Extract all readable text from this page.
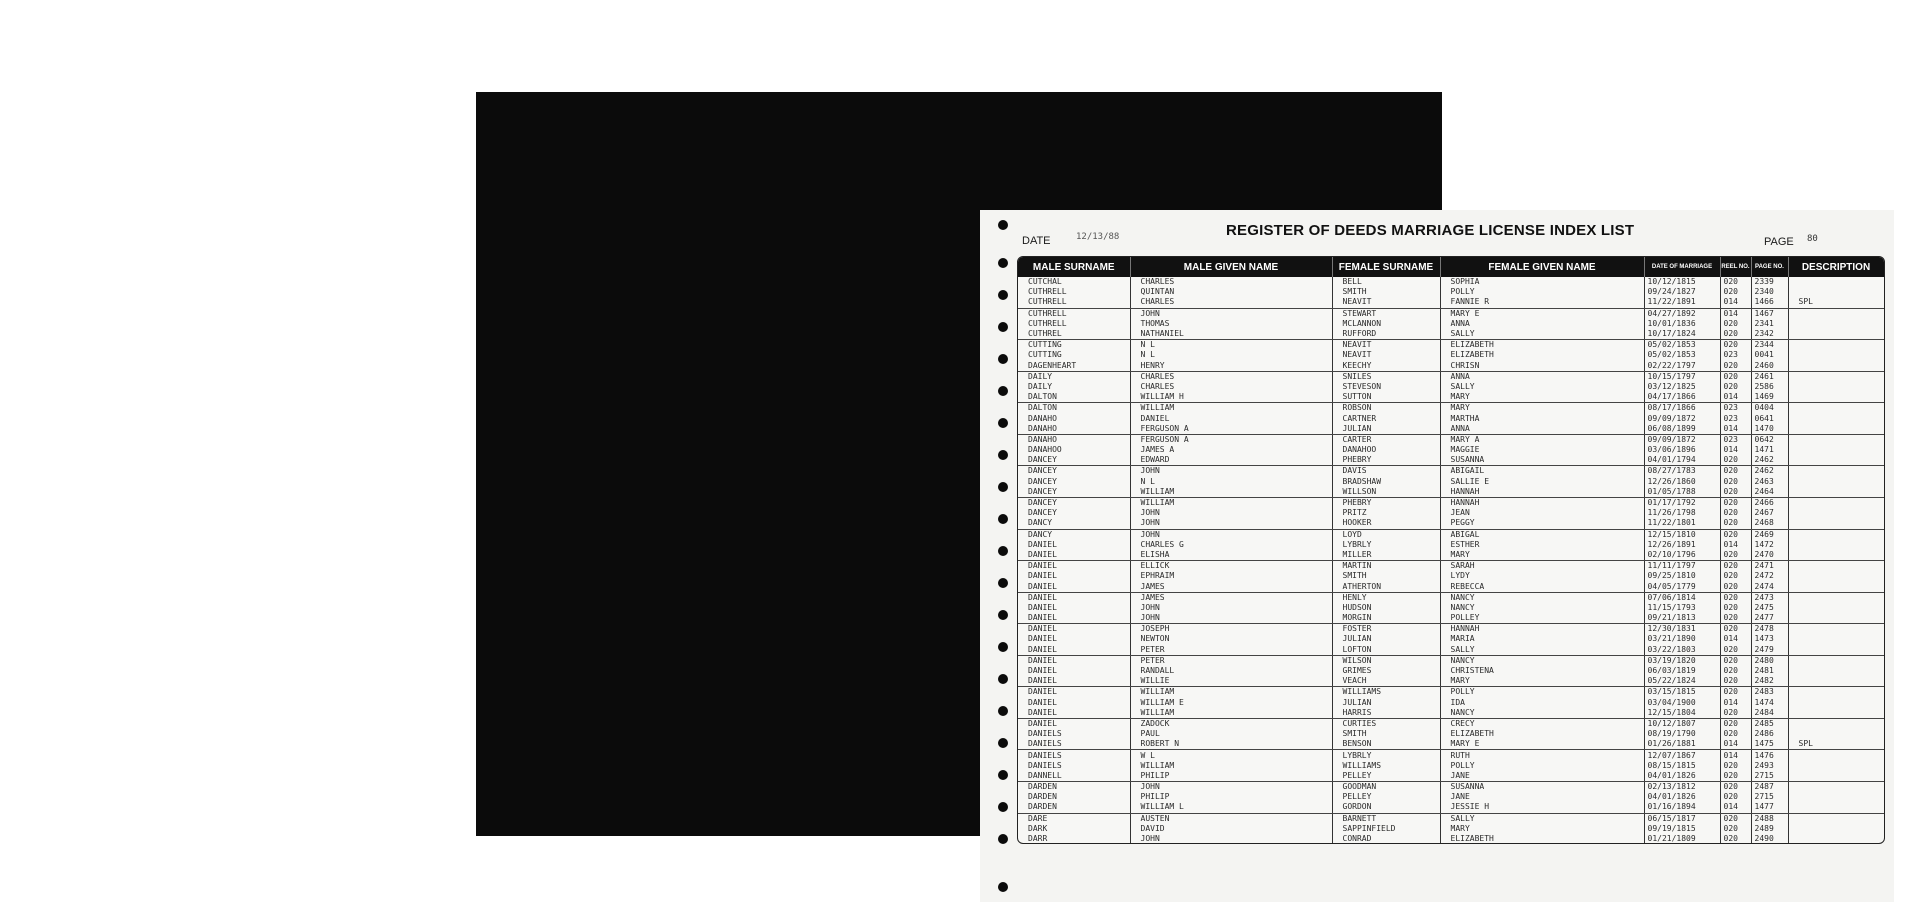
DATE	12/13/88	REGISTER OF DEEDS MARRIAGE LICENSE INDEX LIST
PAGE 80
MALE SURNAME	MALE GIVEN NAME	FEMALE SURNAME	FEMALE GIVEN NAME	DATE OF MARRIAGE	REEL NO.	PAGE NO.	DESCRIPTION
CUTCHAL	CHARLES	BELL	SOPHIA	10/12/1815	020	2339	
CUTHRELL	QUINTAN	SMITH	POLLY	09/24/1827	020	2340	
CUTHRELL	CHARLES	NEAVIT	FANNIE R	11/22/1891	014	1466	SPL
CUTHRELL	JOHN	STEWART	MARY E	04/27/1892	014	1467	
CUTHRELL	THOMAS	MCLANNON	ANNA	10/01/1836	020	2341	
CUTHREL	NATHANIEL	RUFFORD	SALLY	10/17/1824	020	2342	
CUTTING	N L	NEAVIT	ELIZABETH	05/02/1853	020	2344	
CUTTING	N L	NEAVIT	ELIZABETH	05/02/1853	023	0041	
DAGENHEART	HENRY	KEECHY	CHRISN	02/22/1797	020	2460	
DAILY	CHARLES	SNILES	ANNA	10/15/1797	020	2461	
DAILY	CHARLES	STEVESON	SALLY	03/12/1825	020	2586	
DALTON	WILLIAM H	SUTTON	MARY	04/17/1866	014	1469	
DALTON	WILLIAM	ROBSON	MARY	08/17/1866	023	0404	
DANAHO	DANIEL	CARTNER	MARTHA	09/09/1872	023	0641	
DANAHO	FERGUSON A	JULIAN	ANNA	06/08/1899	014	1470	
DANAHO	FERGUSON A	CARTER	MARY A	09/09/1872	023	0642	
DANAHOO	JAMES A	DANAHOO	MAGGIE	03/06/1896	014	1471	
DANCEY	EDWARD	PHEBRY	SUSANNA	04/01/1794	020	2462	
DANCEY	JOHN	DAVIS	ABIGAIL	08/27/1783	020	2462	
DANCEY	N L	BRADSHAW	SALLIE E	12/26/1860	020	2463	
DANCEY	WILLIAM	WILLSON	HANNAH	01/05/1788	020	2464	
DANCEY	WILLIAM	PHEBRY	HANNAH	01/17/1792	020	2466	
DANCEY	JOHN	PRITZ	JEAN	11/26/1798	020	2467	
DANCY	JOHN	HOOKER	PEGGY	11/22/1801	020	2468	
DANCY	JOHN	LOYD	ABIGAL	12/15/1810	020	2469	
DANIEL	CHARLES G	LYBRLY	ESTHER	12/26/1891	014	1472	
DANIEL	ELISHA	MILLER	MARY	02/10/1796	020	2470	
DANIEL	ELLICK	MARTIN	SARAH	11/11/1797	020	2471	
DANIEL	EPHRAIM	SMITH	LYDY	09/25/1810	020	2472	
DANIEL	JAMES	ATHERTON	REBECCA	04/05/1779	020	2474	
DANIEL	JAMES	HENLY	NANCY	07/06/1814	020	2473	
DANIEL	JOHN	HUDSON	NANCY	11/15/1793	020	2475	
DANIEL	JOHN	MORGIN	POLLEY	09/21/1813	020	2477	
DANIEL	JOSEPH	FOSTER	HANNAH	12/30/1831	020	2478	
DANIEL	NEWTON	JULIAN	MARIA	03/21/1890	014	1473	
DANIEL	PETER	LOFTON	SALLY	03/22/1803	020	2479	
DANIEL	PETER	WILSON	NANCY	03/19/1820	020	2480	
DANIEL	RANDALL	GRIMES	CHRISTENA	06/03/1819	020	2481	
DANIEL	WILLIE	VEACH	MARY	05/22/1824	020	2482	
DANIEL	WILLIAM	WILLIAMS	POLLY	03/15/1815	020	2483	
DANIEL	WILLIAM E	JULIAN	IDA	03/04/1900	014	1474	
DANIEL	WILLIAM	HARRIS	NANCY	12/15/1804	020	2484	
DANIEL	ZADOCK	CURTIES	CRECY	10/12/1807	020	2485	
DANIELS	PAUL	SMITH	ELIZABETH	08/19/1790	020	2486	
DANIELS	ROBERT N	BENSON	MARY E	01/26/1881	014	1475	SPL
DANIELS	W L	LYBRLY	RUTH	12/07/1867	014	1476	
DANIELS	WILLIAM	WILLIAMS	POLLY	08/15/1815	020	2493	
DANNELL	PHILIP	PELLEY	JANE	04/01/1826	020	2715	
DARDEN	JOHN	GOODMAN	SUSANNA	02/13/1812	020	2487	
DARDEN	PHILIP	PELLEY	JANE	04/01/1826	020	2715	
DARDEN	WILLIAM L	GORDON	JESSIE H	01/16/1894	014	1477	
DARE	AUSTEN	BARNETT	SALLY	06/15/1817	020	2488	
DARK	DAVID	SAPPINFIELD	MARY	09/19/1815	020	2489	
DARR	JOHN	CONRAD	ELIZABETH	01/21/1809	020	2490	
